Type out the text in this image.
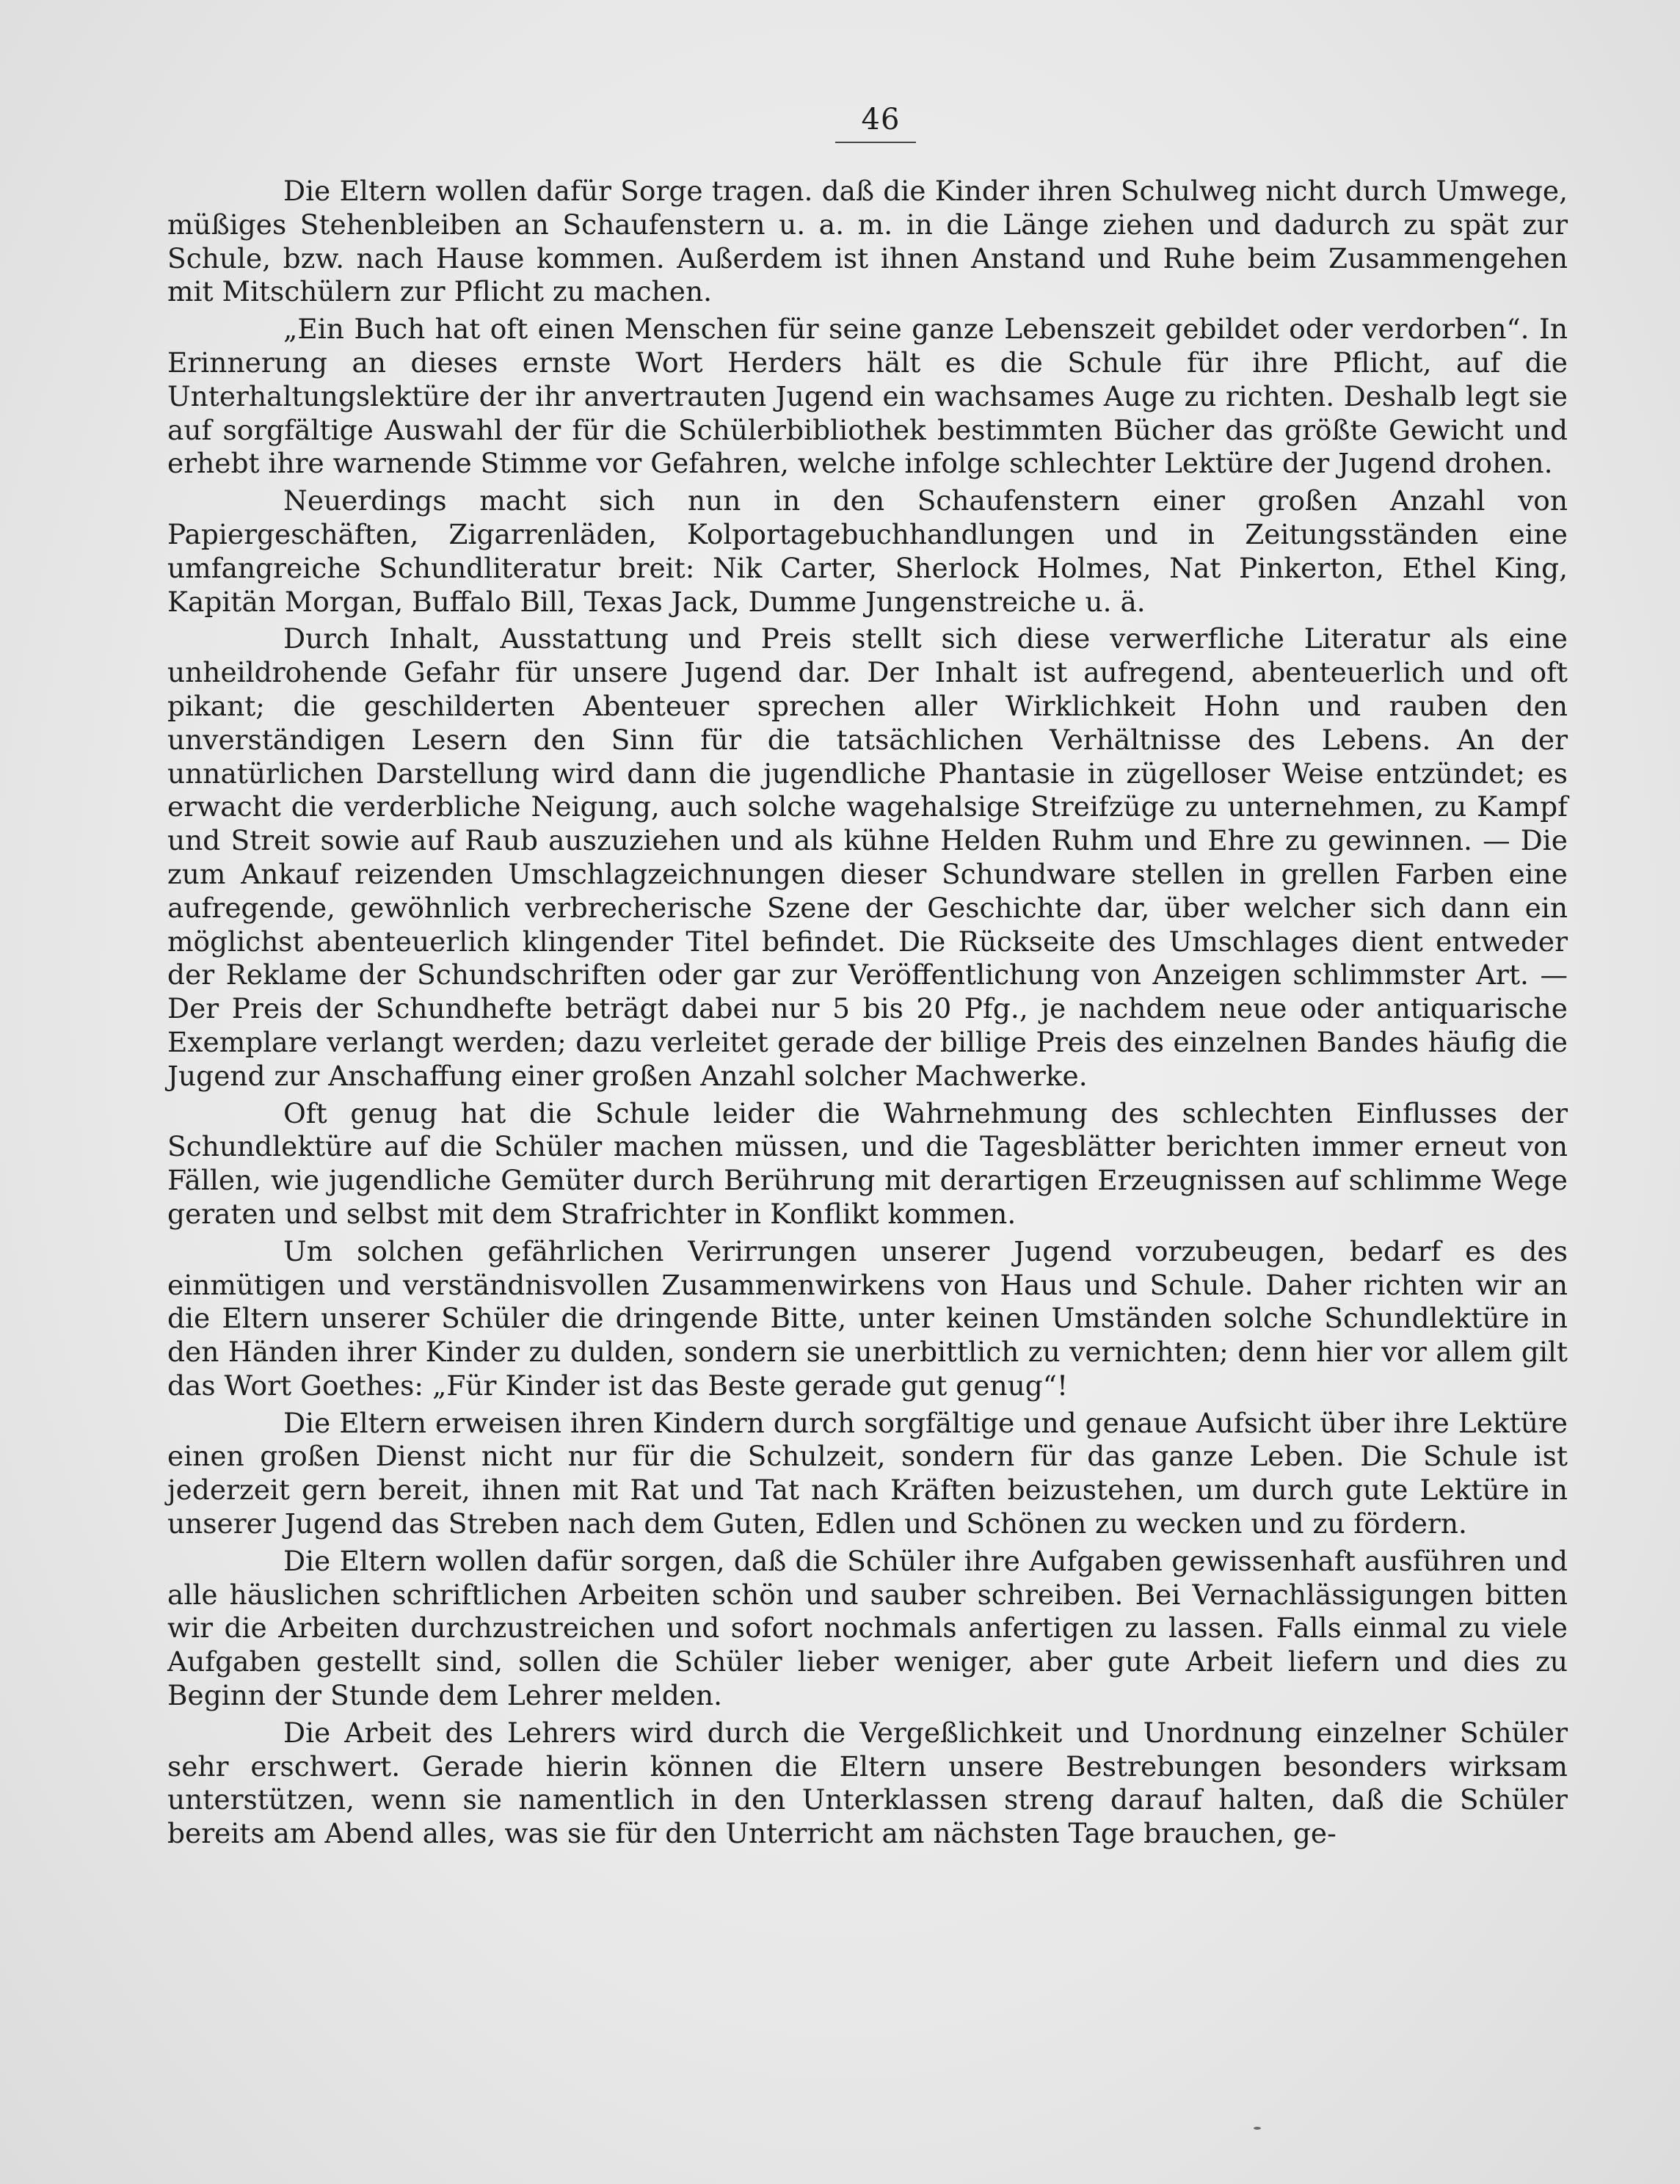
46

Die Eltern wollen dafür Sorge tragen. daß die Kinder ihren Schulweg nicht durch Umwege, müßiges Stehenbleiben an Schaufenstern u. a. m. in die Länge ziehen und dadurch zu spät zur Schule, bzw. nach Hause kommen. Außerdem ist ihnen Anstand und Ruhe beim Zusammengehen mit Mitschülern zur Pflicht zu machen.

„Ein Buch hat oft einen Menschen für seine ganze Lebenszeit gebildet oder verdorben“. In Erinnerung an dieses ernste Wort Herders hält es die Schule für ihre Pflicht, auf die Unterhaltungslektüre der ihr anvertrauten Jugend ein wachsames Auge zu richten. Deshalb legt sie auf sorgfältige Auswahl der für die Schülerbibliothek bestimmten Bücher das größte Gewicht und erhebt ihre warnende Stimme vor Gefahren, welche infolge schlechter Lektüre der Jugend drohen.

Neuerdings macht sich nun in den Schaufenstern einer großen Anzahl von Papiergeschäften, Zigarrenläden, Kolportagebuchhandlungen und in Zeitungsständen eine umfangreiche Schundliteratur breit: Nik Carter, Sherlock Holmes, Nat Pinkerton, Ethel King, Kapitän Morgan, Buffalo Bill, Texas Jack, Dumme Jungenstreiche u. ä.

Durch Inhalt, Ausstattung und Preis stellt sich diese verwerfliche Literatur als eine unheildrohende Gefahr für unsere Jugend dar. Der Inhalt ist aufregend, abenteuerlich und oft pikant; die geschilderten Abenteuer sprechen aller Wirklichkeit Hohn und rauben den unverständigen Lesern den Sinn für die tatsächlichen Verhältnisse des Lebens. An der unnatürlichen Darstellung wird dann die jugendliche Phantasie in zügelloser Weise entzündet; es erwacht die verderbliche Neigung, auch solche wagehalsige Streifzüge zu unternehmen, zu Kampf und Streit sowie auf Raub auszuziehen und als kühne Helden Ruhm und Ehre zu gewinnen. — Die zum Ankauf reizenden Umschlagzeichnungen dieser Schundware stellen in grellen Farben eine aufregende, gewöhnlich verbrecherische Szene der Geschichte dar, über welcher sich dann ein möglichst abenteuerlich klingender Titel befindet. Die Rückseite des Umschlages dient entweder der Reklame der Schundschriften oder gar zur Veröffentlichung von Anzeigen schlimmster Art. — Der Preis der Schundhefte beträgt dabei nur 5 bis 20 Pfg., je nachdem neue oder antiquarische Exemplare verlangt werden; dazu verleitet gerade der billige Preis des einzelnen Bandes häufig die Jugend zur Anschaffung einer großen Anzahl solcher Machwerke.

Oft genug hat die Schule leider die Wahrnehmung des schlechten Einflusses der Schundlektüre auf die Schüler machen müssen, und die Tagesblätter berichten immer erneut von Fällen, wie jugendliche Gemüter durch Berührung mit derartigen Erzeugnissen auf schlimme Wege geraten und selbst mit dem Strafrichter in Konflikt kommen.

Um solchen gefährlichen Verirrungen unserer Jugend vorzubeugen, bedarf es des einmütigen und verständnisvollen Zusammenwirkens von Haus und Schule. Daher richten wir an die Eltern unserer Schüler die dringende Bitte, unter keinen Umständen solche Schundlektüre in den Händen ihrer Kinder zu dulden, sondern sie unerbittlich zu vernichten; denn hier vor allem gilt das Wort Goethes: „Für Kinder ist das Beste gerade gut genug“!

Die Eltern erweisen ihren Kindern durch sorgfältige und genaue Aufsicht über ihre Lektüre einen großen Dienst nicht nur für die Schulzeit, sondern für das ganze Leben. Die Schule ist jederzeit gern bereit, ihnen mit Rat und Tat nach Kräften beizustehen, um durch gute Lektüre in unserer Jugend das Streben nach dem Guten, Edlen und Schönen zu wecken und zu fördern.

Die Eltern wollen dafür sorgen, daß die Schüler ihre Aufgaben gewissenhaft ausführen und alle häuslichen schriftlichen Arbeiten schön und sauber schreiben. Bei Vernachlässigungen bitten wir die Arbeiten durchzustreichen und sofort nochmals anfertigen zu lassen. Falls einmal zu viele Aufgaben gestellt sind, sollen die Schüler lieber weniger, aber gute Arbeit liefern und dies zu Beginn der Stunde dem Lehrer melden.

Die Arbeit des Lehrers wird durch die Vergeßlichkeit und Unordnung einzelner Schüler sehr erschwert. Gerade hierin können die Eltern unsere Bestrebungen besonders wirksam unterstützen, wenn sie namentlich in den Unterklassen streng darauf halten, daß die Schüler bereits am Abend alles, was sie für den Unterricht am nächsten Tage brauchen, ge-
